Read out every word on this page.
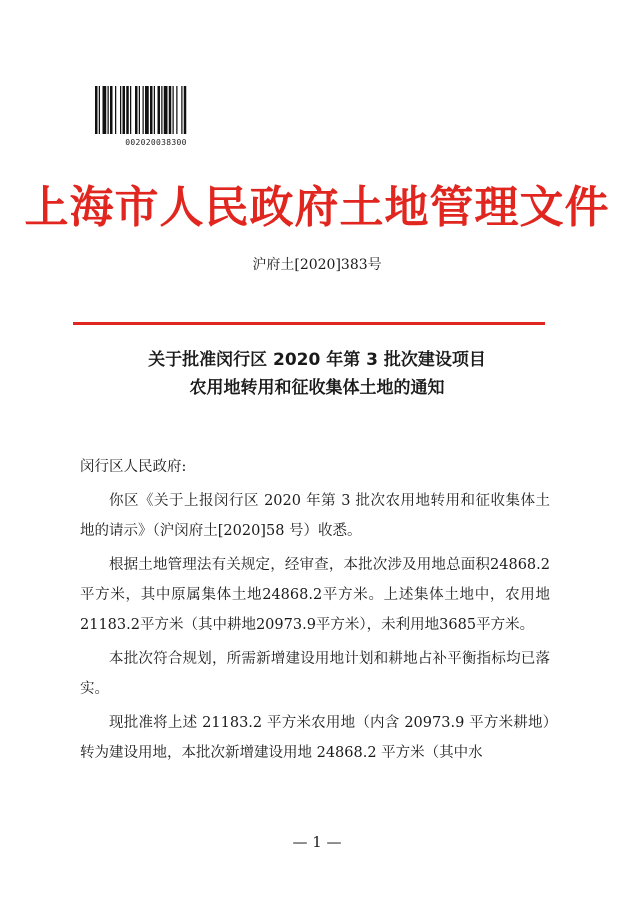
002020038300
上海市人民政府土地管理文件
沪府土[2020]383号
关于批准闵行区 2020 年第 3 批次建设项目
农用地转用和征收集体土地的通知

闵行区人民政府:

你区《关于上报闵行区 2020 年第 3 批次农用地转用和征收集体土地的请示》（沪闵府土[2020]58 号）收悉。

根据土地管理法有关规定，经审查，本批次涉及用地总面积24868.2平方米，其中原属集体土地24868.2平方米。上述集体土地中，农用地21183.2平方米（其中耕地20973.9平方米），未利用地3685平方米。

本批次符合规划，所需新增建设用地计划和耕地占补平衡指标均已落实。

现批准将上述 21183.2 平方米农用地（内含 20973.9 平方米耕地）转为建设用地，本批次新增建设用地 24868.2 平方米（其中水

— 1 —
